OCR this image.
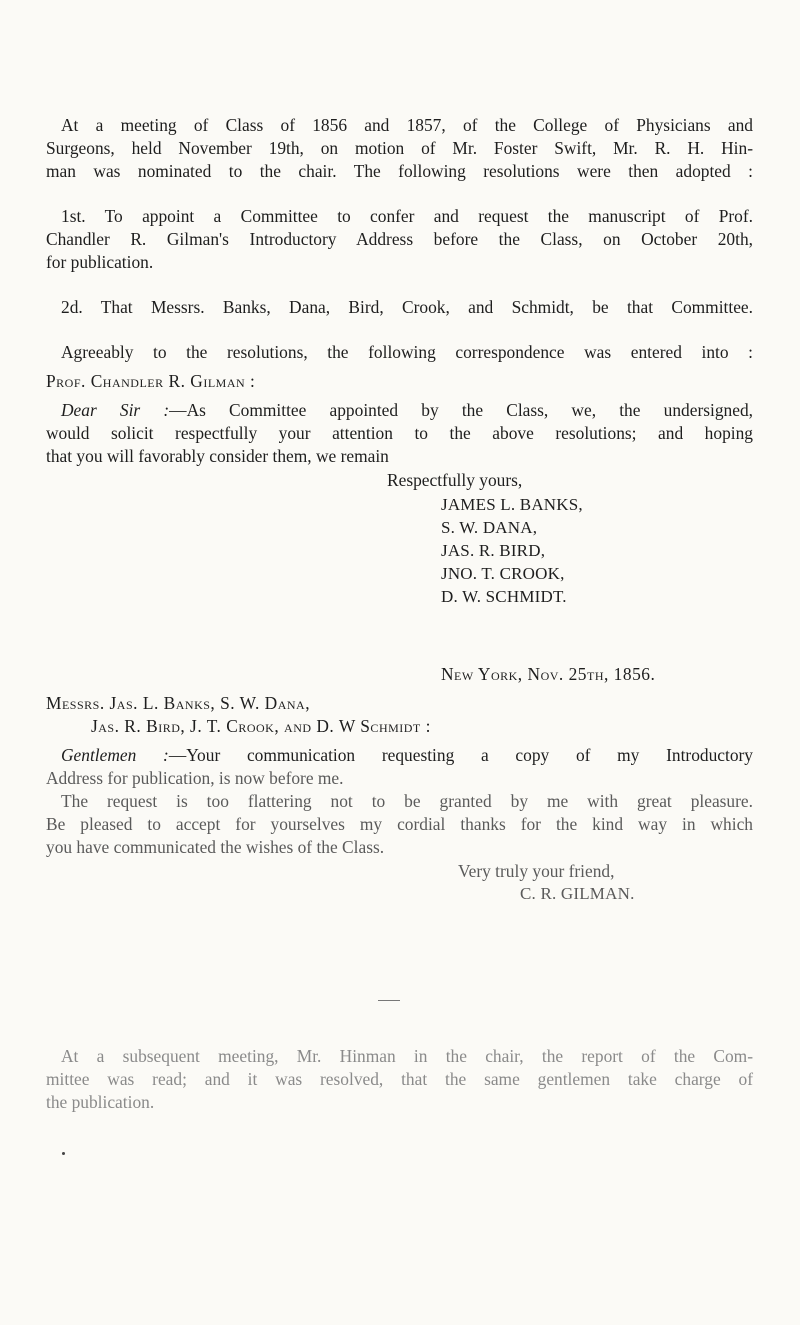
At a meeting of Class of 1856 and 1857, of the College of Physicians and
Surgeons, held November 19th, on motion of Mr. Foster Swift, Mr. R. H. Hin-
man was nominated to the chair. The following resolutions were then adopted :
1st. To appoint a Committee to confer and request the manuscript of Prof.
Chandler R. Gilman's Introductory Address before the Class, on October 20th,
for publication.
2d. That Messrs. Banks, Dana, Bird, Crook, and Schmidt, be that Committee.
Agreeably to the resolutions, the following correspondence was entered into :
Prof. Chandler R. Gilman :
Dear Sir :—As Committee appointed by the Class, we, the undersigned,
would solicit respectfully your attention to the above resolutions; and hoping
that you will favorably consider them, we remain
Respectfully yours,
JAMES L. BANKS,
S. W. DANA,
JAS. R. BIRD,
JNO. T. CROOK,
D. W. SCHMIDT.
New York, Nov. 25th, 1856.
Messrs. Jas. L. Banks, S. W. Dana,
Jas. R. Bird, J. T. Crook, and D. W Schmidt :
Gentlemen :—Your communication requesting a copy of my Introductory
Address for publication, is now before me.
The request is too flattering not to be granted by me with great pleasure.
Be pleased to accept for yourselves my cordial thanks for the kind way in which
you have communicated the wishes of the Class.
Very truly your friend,
C. R. GILMAN.
At a subsequent meeting, Mr. Hinman in the chair, the report of the Com-
mittee was read; and it was resolved, that the same gentlemen take charge of
the publication.
